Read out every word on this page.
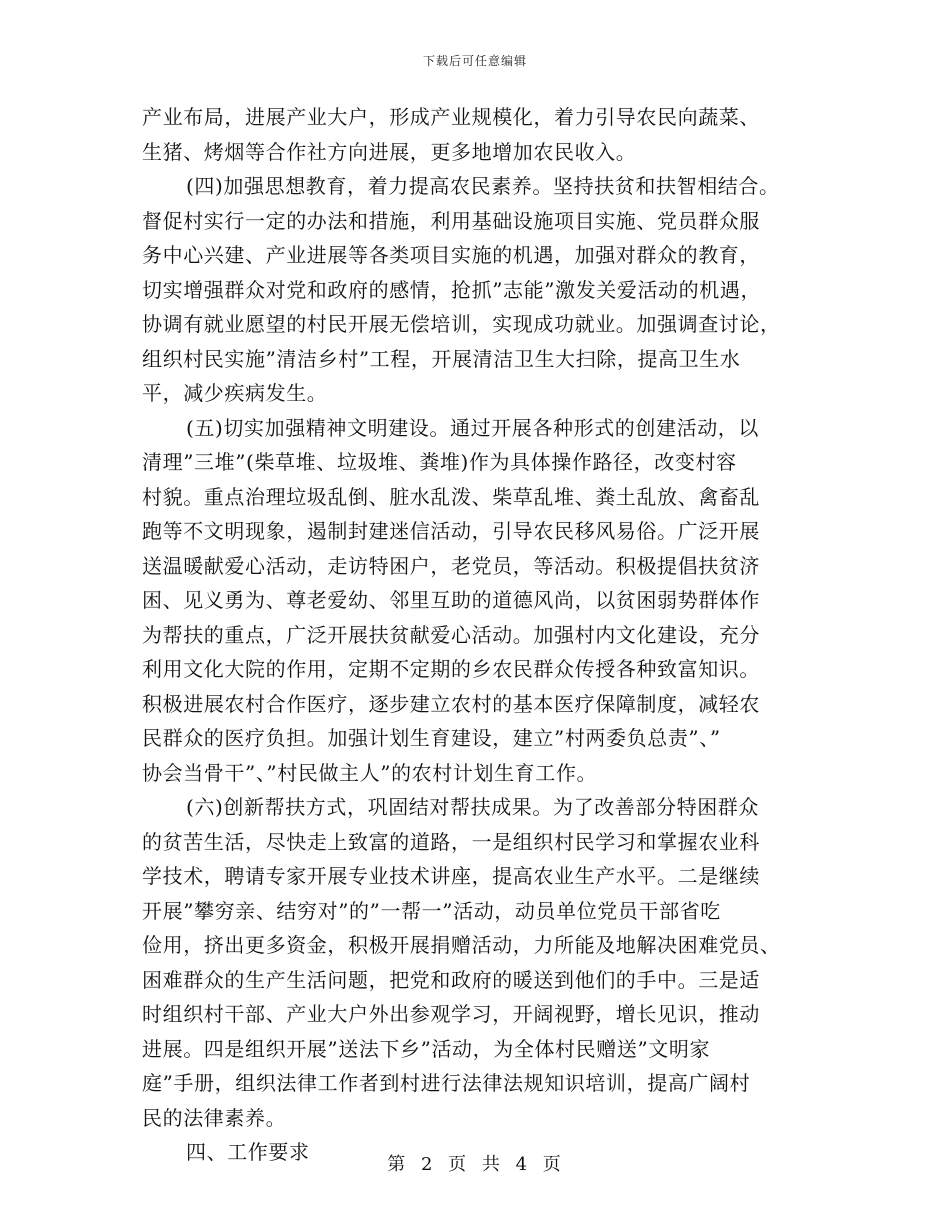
下载后可任意编辑
产业布局，进展产业大户，形成产业规模化，着力引导农民向蔬菜、
生猪、烤烟等合作社方向进展，更多地增加农民收入。
(四)加强思想教育，着力提高农民素养。坚持扶贫和扶智相结合。
督促村实行一定的办法和措施，利用基础设施项目实施、党员群众服
务中心兴建、产业进展等各类项目实施的机遇，加强对群众的教育，
切实增强群众对党和政府的感情，抢抓”志能”激发关爱活动的机遇，
协调有就业愿望的村民开展无偿培训，实现成功就业。加强调查讨论，
组织村民实施”清洁乡村”工程，开展清洁卫生大扫除，提高卫生水
平，减少疾病发生。
(五)切实加强精神文明建设。通过开展各种形式的创建活动，以
清理”三堆”(柴草堆、垃圾堆、粪堆)作为具体操作路径，改变村容
村貌。重点治理垃圾乱倒、脏水乱泼、柴草乱堆、粪土乱放、禽畜乱
跑等不文明现象，遏制封建迷信活动，引导农民移风易俗。广泛开展
送温暖献爱心活动，走访特困户，老党员，等活动。积极提倡扶贫济
困、见义勇为、尊老爱幼、邻里互助的道德风尚，以贫困弱势群体作
为帮扶的重点，广泛开展扶贫献爱心活动。加强村内文化建设，充分
利用文化大院的作用，定期不定期的乡农民群众传授各种致富知识。
积极进展农村合作医疗，逐步建立农村的基本医疗保障制度，减轻农
民群众的医疗负担。加强计划生育建设，建立”村两委负总责”、”
协会当骨干”、”村民做主人”的农村计划生育工作。
(六)创新帮扶方式，巩固结对帮扶成果。为了改善部分特困群众
的贫苦生活，尽快走上致富的道路，一是组织村民学习和掌握农业科
学技术，聘请专家开展专业技术讲座，提高农业生产水平。二是继续
开展”攀穷亲、结穷对”的”一帮一”活动，动员单位党员干部省吃
俭用，挤出更多资金，积极开展捐赠活动，力所能及地解决困难党员、
困难群众的生产生活问题，把党和政府的暖送到他们的手中。三是适
时组织村干部、产业大户外出参观学习，开阔视野，增长见识，推动
进展。四是组织开展”送法下乡”活动，为全体村民赠送”文明家
庭”手册，组织法律工作者到村进行法律法规知识培训，提高广阔村
民的法律素养。
四、工作要求
第 2 页 共 4 页
